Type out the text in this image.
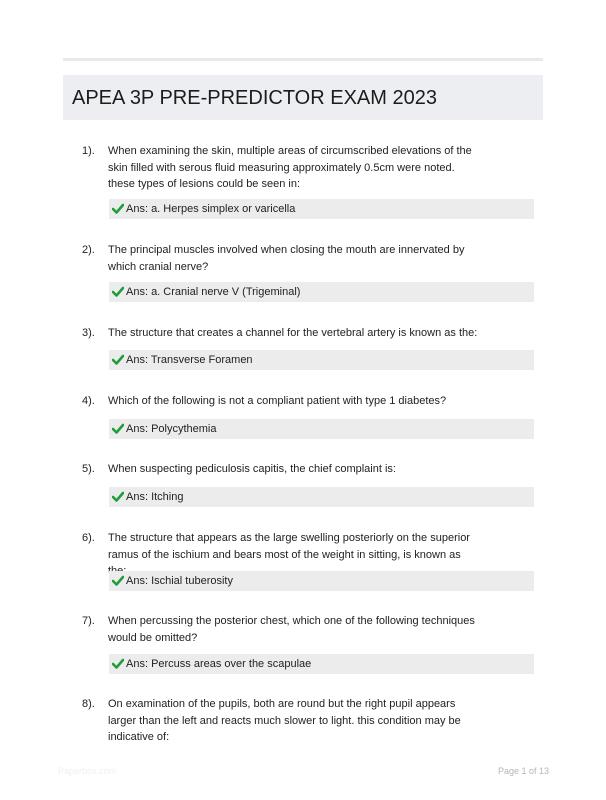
APEA 3P PRE-PREDICTOR EXAM 2023
1). When examining the skin, multiple areas of circumscribed elevations of the skin filled with serous fluid measuring approximately 0.5cm were noted. these types of lesions could be seen in:
Ans: a. Herpes simplex or varicella
2). The principal muscles involved when closing the mouth are innervated by which cranial nerve?
Ans: a. Cranial nerve V (Trigeminal)
3). The structure that creates a channel for the vertebral artery is known as the:
Ans: Transverse Foramen
4). Which of the following is not a compliant patient with type 1 diabetes?
Ans: Polycythemia
5). When suspecting pediculosis capitis, the chief complaint is:
Ans: Itching
6). The structure that appears as the large swelling posteriorly on the superior ramus of the ischium and bears most of the weight in sitting, is known as
Ans: Ischial tuberosity
7). When percussing the posterior chest, which one of the following techniques would be omitted?
Ans: Percuss areas over the scapulae
8). On examination of the pupils, both are round but the right pupil appears larger than the left and reacts much slower to light. this condition may be indicative of:
Paperbox.com	Page 1 of 13
